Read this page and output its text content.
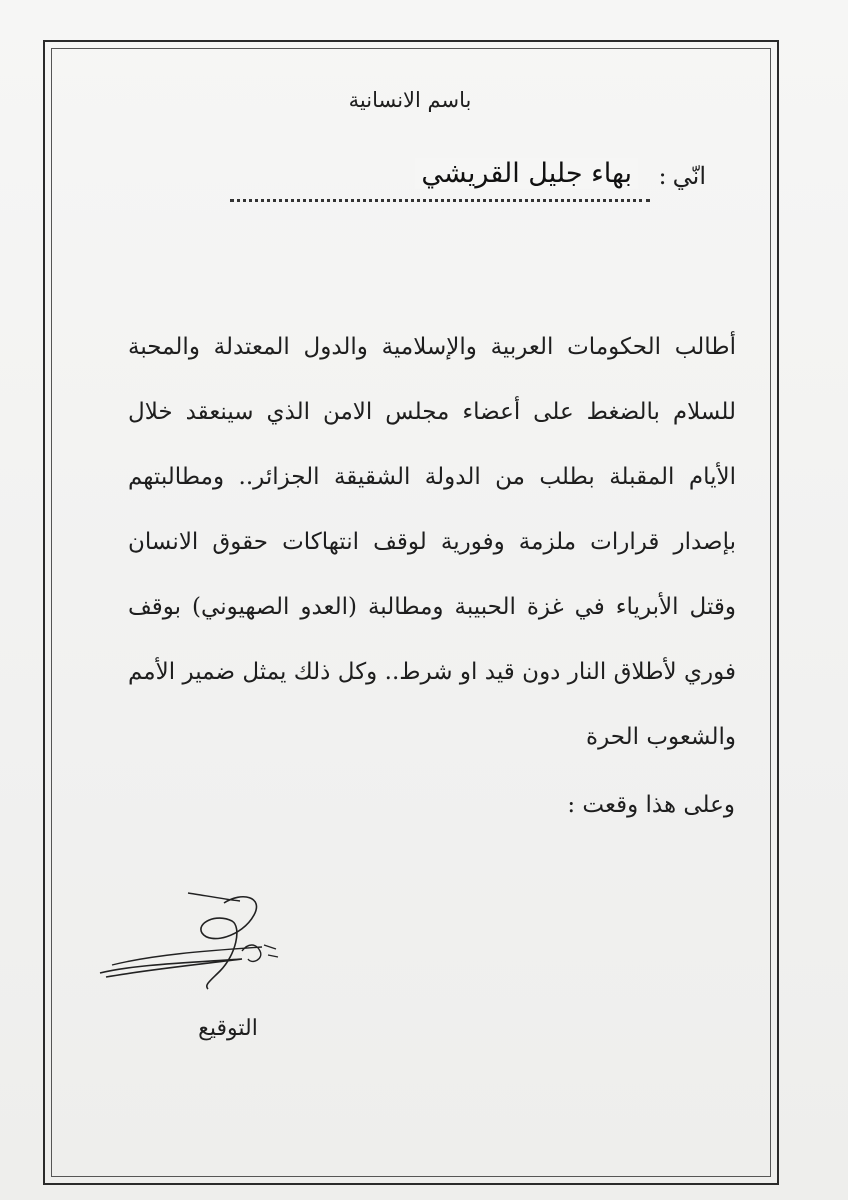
باسم الانسانية
انّي
:
بهاء جليل القريشي

أطالب الحكومات العربية والإسلامية والدول المعتدلة والمحبة للسلام بالضغط على أعضاء مجلس الامن الذي سينعقد خلال الأيام المقبلة بطلب من الدولة الشقيقة الجزائر.. ومطالبتهم بإصدار قرارات ملزمة وفورية لوقف انتهاكات حقوق الانسان وقتل الأبرياء في غزة الحبيبة ومطالبة (العدو الصهيوني) بوقف فوري لأطلاق النار دون قيد او شرط.. وكل ذلك يمثل ضمير الأمم والشعوب الحرة

وعلى هذا وقعت :
التوقيع
